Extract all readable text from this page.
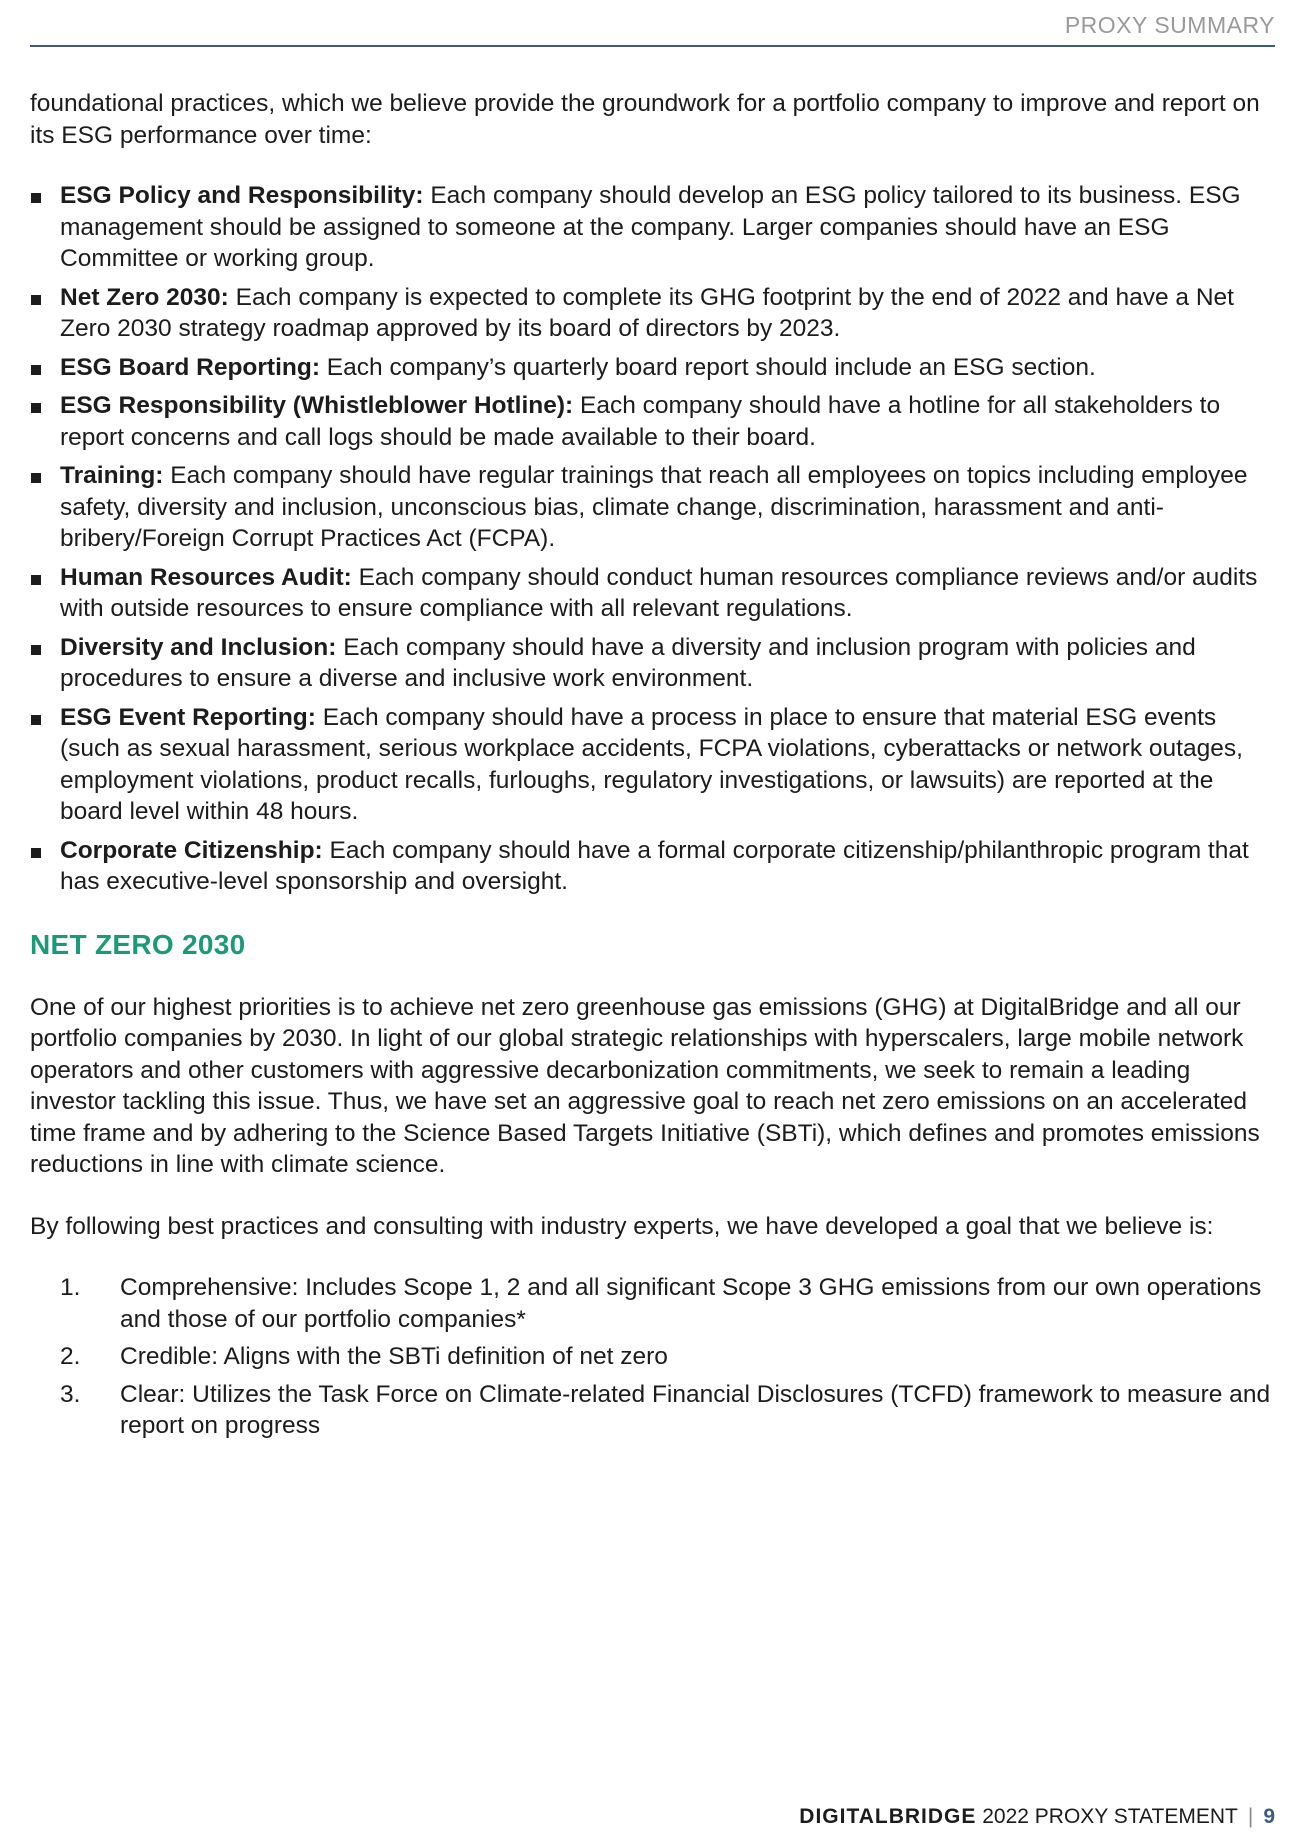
PROXY SUMMARY

foundational practices, which we believe provide the groundwork for a portfolio company to improve and report on its ESG performance over time:

ESG Policy and Responsibility: Each company should develop an ESG policy tailored to its business. ESG management should be assigned to someone at the company. Larger companies should have an ESG Committee or working group.
Net Zero 2030: Each company is expected to complete its GHG footprint by the end of 2022 and have a Net Zero 2030 strategy roadmap approved by its board of directors by 2023.
ESG Board Reporting: Each company’s quarterly board report should include an ESG section.
ESG Responsibility (Whistleblower Hotline): Each company should have a hotline for all stakeholders to report concerns and call logs should be made available to their board.
Training: Each company should have regular trainings that reach all employees on topics including employee safety, diversity and inclusion, unconscious bias, climate change, discrimination, harassment and anti-bribery/Foreign Corrupt Practices Act (FCPA).
Human Resources Audit: Each company should conduct human resources compliance reviews and/or audits with outside resources to ensure compliance with all relevant regulations.
Diversity and Inclusion: Each company should have a diversity and inclusion program with policies and procedures to ensure a diverse and inclusive work environment.
ESG Event Reporting: Each company should have a process in place to ensure that material ESG events (such as sexual harassment, serious workplace accidents, FCPA violations, cyberattacks or network outages, employment violations, product recalls, furloughs, regulatory investigations, or lawsuits) are reported at the board level within 48 hours.
Corporate Citizenship: Each company should have a formal corporate citizenship/philanthropic program that has executive-level sponsorship and oversight.
NET ZERO 2030

One of our highest priorities is to achieve net zero greenhouse gas emissions (GHG) at DigitalBridge and all our portfolio companies by 2030. In light of our global strategic relationships with hyperscalers, large mobile network operators and other customers with aggressive decarbonization commitments, we seek to remain a leading investor tackling this issue. Thus, we have set an aggressive goal to reach net zero emissions on an accelerated time frame and by adhering to the Science Based Targets Initiative (SBTi), which defines and promotes emissions reductions in line with climate science.

By following best practices and consulting with industry experts, we have developed a goal that we believe is:

1. Comprehensive: Includes Scope 1, 2 and all significant Scope 3 GHG emissions from our own operations and those of our portfolio companies*
2. Credible: Aligns with the SBTi definition of net zero
3. Clear: Utilizes the Task Force on Climate-related Financial Disclosures (TCFD) framework to measure and report on progress
DIGITALBRIDGE 2022 PROXY STATEMENT | 9
